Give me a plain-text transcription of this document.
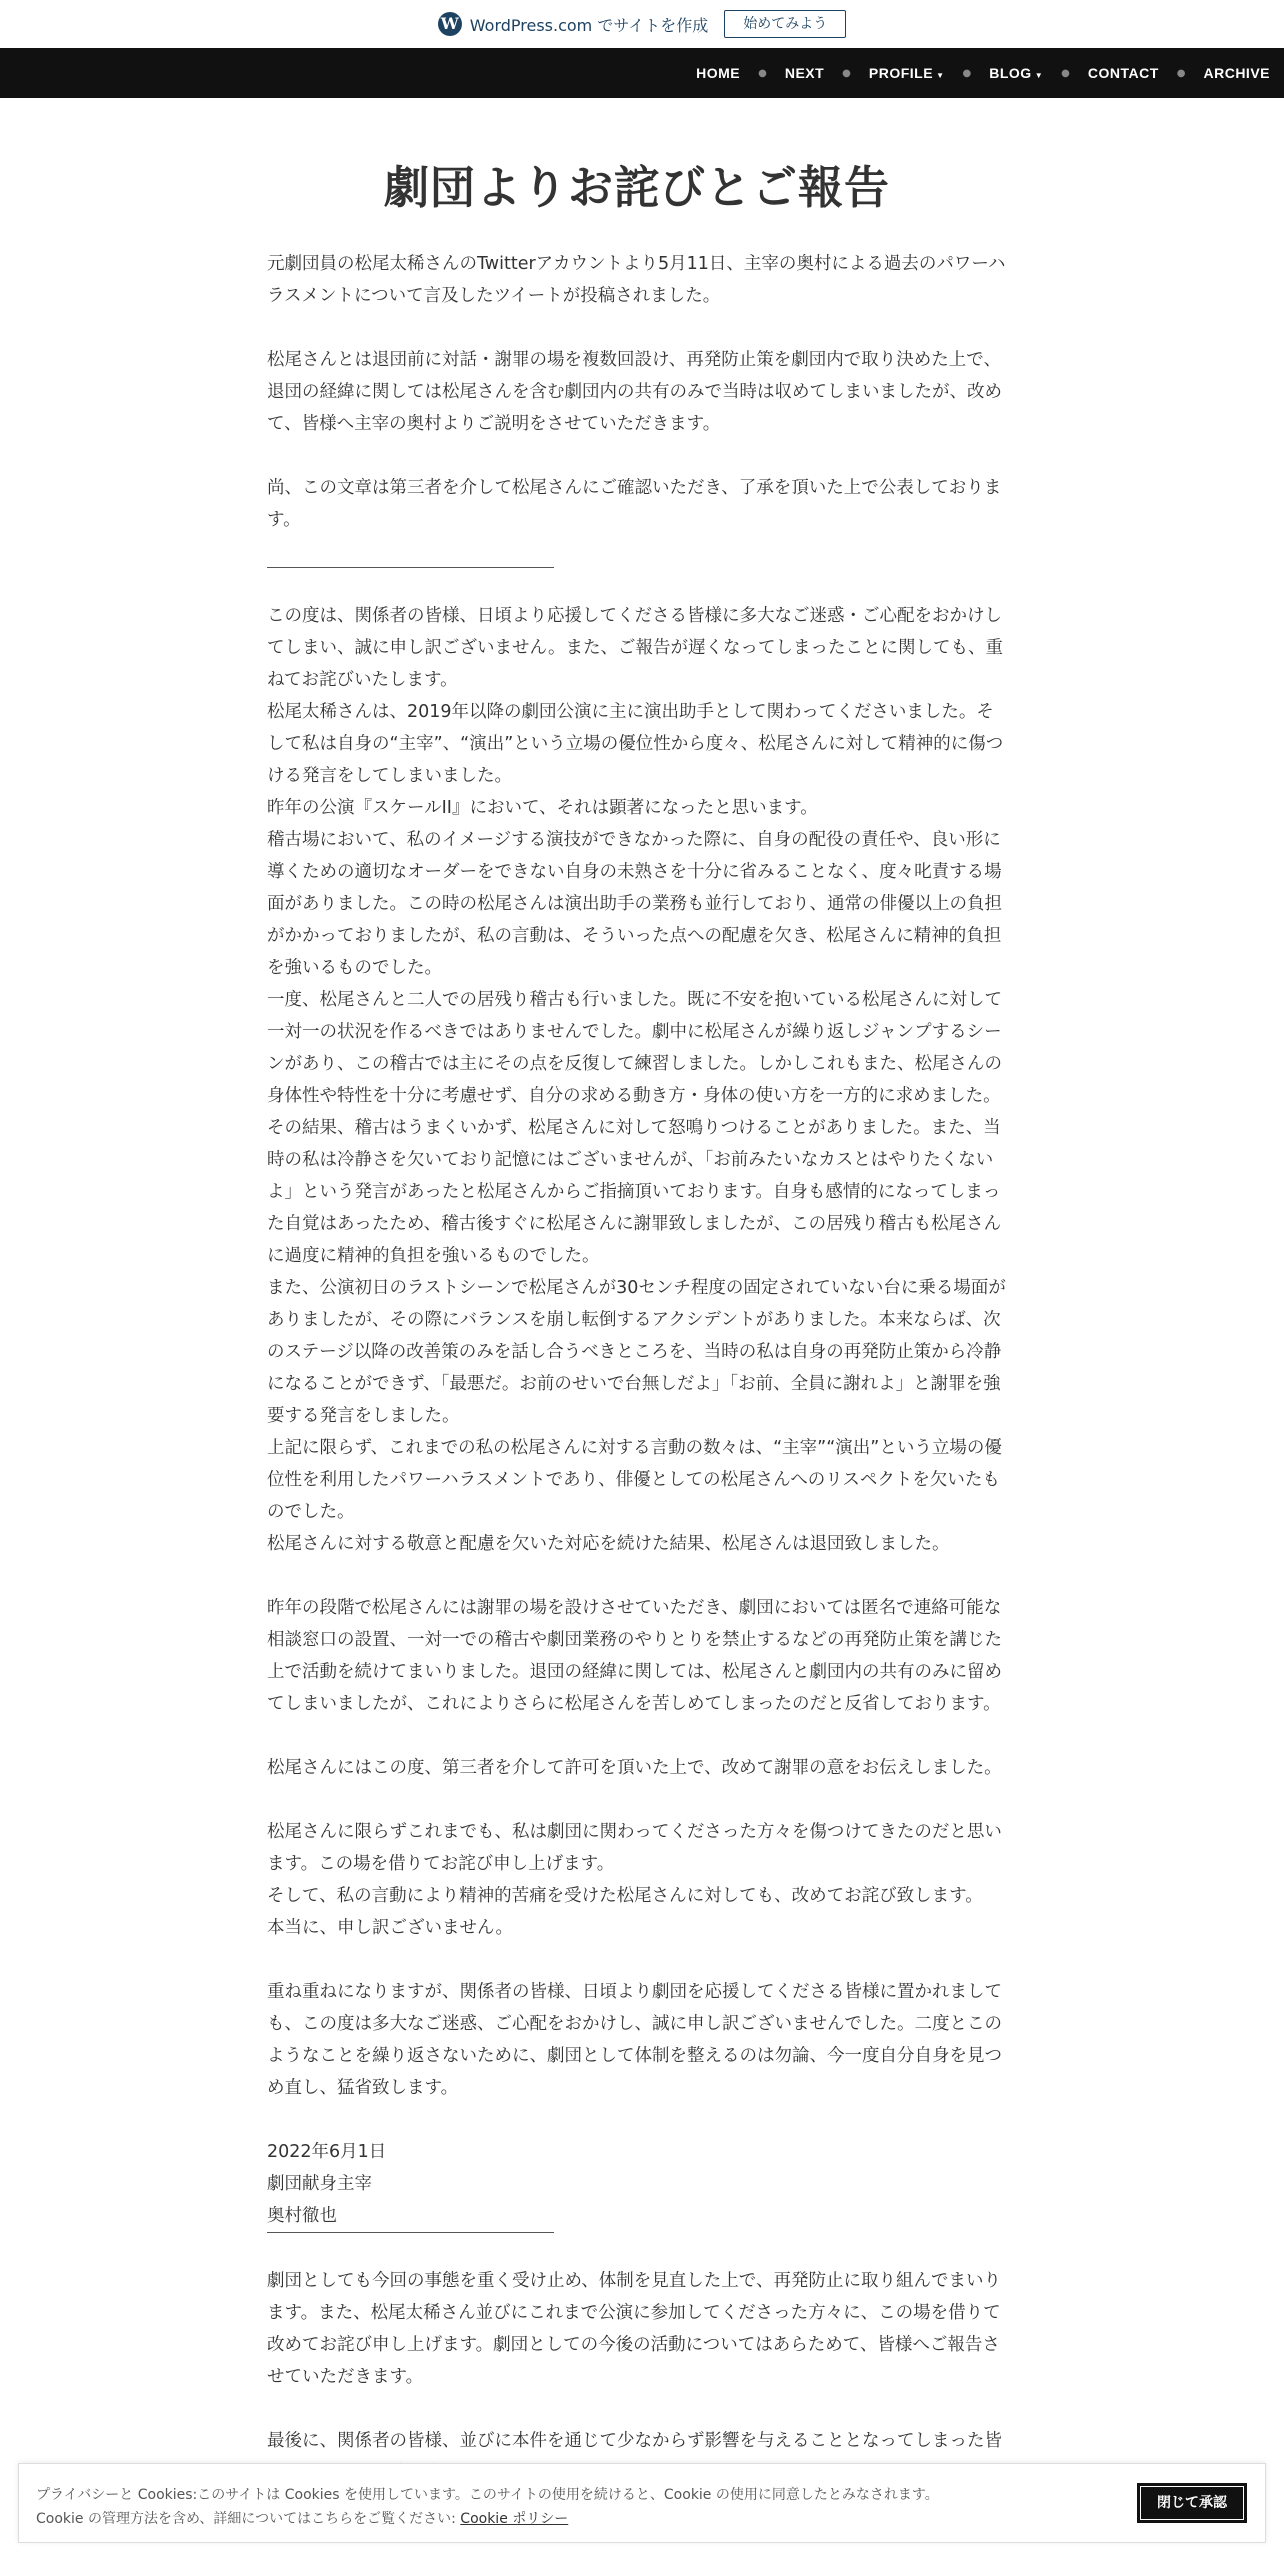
W WordPress.com でサイトを作成	始めてみよう
HOME ● NEXT ● PROFILE ▼ ● BLOG ▼ ● CONTACT ● ARCHIVE
劇団よりお詫びとご報告

元劇団員の松尾太稀さんのTwitterアカウントより5月11日、主宰の奥村による過去のパワーハラスメントについて言及したツイートが投稿されました。

松尾さんとは退団前に対話・謝罪の場を複数回設け、再発防止策を劇団内で取り決めた上で、退団の経緯に関しては松尾さんを含む劇団内の共有のみで当時は収めてしまいましたが、改めて、皆様へ主宰の奥村よりご説明をさせていただきます。

尚、この文章は第三者を介して松尾さんにご確認いただき、了承を頂いた上で公表しております。

この度は、関係者の皆様、日頃より応援してくださる皆様に多大なご迷惑・ご心配をおかけしてしまい、誠に申し訳ございません。また、ご報告が遅くなってしまったことに関しても、重ねてお詫びいたします。

松尾太稀さんは、2019年以降の劇団公演に主に演出助手として関わってくださいました。そして私は自身の“主宰”、“演出”という立場の優位性から度々、松尾さんに対して精神的に傷つける発言をしてしまいました。

昨年の公演『スケールII』において、それは顕著になったと思います。

稽古場において、私のイメージする演技ができなかった際に、自身の配役の責任や、良い形に導くための適切なオーダーをできない自身の未熟さを十分に省みることなく、度々叱責する場面がありました。この時の松尾さんは演出助手の業務も並行しており、通常の俳優以上の負担がかかっておりましたが、私の言動は、そういった点への配慮を欠き、松尾さんに精神的負担を強いるものでした。

一度、松尾さんと二人での居残り稽古も行いました。既に不安を抱いている松尾さんに対して一対一の状況を作るべきではありませんでした。劇中に松尾さんが繰り返しジャンプするシーンがあり、この稽古では主にその点を反復して練習しました。しかしこれもまた、松尾さんの身体性や特性を十分に考慮せず、自分の求める動き方・身体の使い方を一方的に求めました。その結果、稽古はうまくいかず、松尾さんに対して怒鳴りつけることがありました。また、当時の私は冷静さを欠いており記憶にはございませんが、「お前みたいなカスとはやりたくないよ」という発言があったと松尾さんからご指摘頂いております。自身も感情的になってしまった自覚はあったため、稽古後すぐに松尾さんに謝罪致しましたが、この居残り稽古も松尾さんに過度に精神的負担を強いるものでした。

また、公演初日のラストシーンで松尾さんが30センチ程度の固定されていない台に乗る場面がありましたが、その際にバランスを崩し転倒するアクシデントがありました。本来ならば、次のステージ以降の改善策のみを話し合うべきところを、当時の私は自身の再発防止策から冷静になることができず、「最悪だ。お前のせいで台無しだよ」「お前、全員に謝れよ」と謝罪を強要する発言をしました。

上記に限らず、これまでの私の松尾さんに対する言動の数々は、“主宰”“演出”という立場の優位性を利用したパワーハラスメントであり、俳優としての松尾さんへのリスペクトを欠いたものでした。

松尾さんに対する敬意と配慮を欠いた対応を続けた結果、松尾さんは退団致しました。

昨年の段階で松尾さんには謝罪の場を設けさせていただき、劇団においては匿名で連絡可能な相談窓口の設置、一対一での稽古や劇団業務のやりとりを禁止するなどの再発防止策を講じた上で活動を続けてまいりました。退団の経緯に関しては、松尾さんと劇団内の共有のみに留めてしまいましたが、これによりさらに松尾さんを苦しめてしまったのだと反省しております。

松尾さんにはこの度、第三者を介して許可を頂いた上で、改めて謝罪の意をお伝えしました。

松尾さんに限らずこれまでも、私は劇団に関わってくださった方々を傷つけてきたのだと思います。この場を借りてお詫び申し上げます。

そして、私の言動により精神的苦痛を受けた松尾さんに対しても、改めてお詫び致します。

本当に、申し訳ございません。

重ね重ねになりますが、関係者の皆様、日頃より劇団を応援してくださる皆様に置かれましても、この度は多大なご迷惑、ご心配をおかけし、誠に申し訳ございませんでした。二度とこのようなことを繰り返さないために、劇団として体制を整えるのは勿論、今一度自分自身を見つめ直し、猛省致します。

2022年6月1日

劇団献身主宰

奥村徹也

劇団としても今回の事態を重く受け止め、体制を見直した上で、再発防止に取り組んでまいります。また、松尾太稀さん並びにこれまで公演に参加してくださった方々に、この場を借りて改めてお詫び申し上げます。劇団としての今後の活動についてはあらためて、皆様へご報告させていただきます。

最後に、関係者の皆様、並びに本件を通じて少なからず影響を与えることとなってしまった皆

プライバシーと Cookies:このサイトは Cookies を使用しています。このサイトの使用を続けると、Cookie の使用に同意したとみなされます。
Cookie の管理方法を含め、詳細についてはこちらをご覧ください: Cookie ポリシー
閉じて承認
